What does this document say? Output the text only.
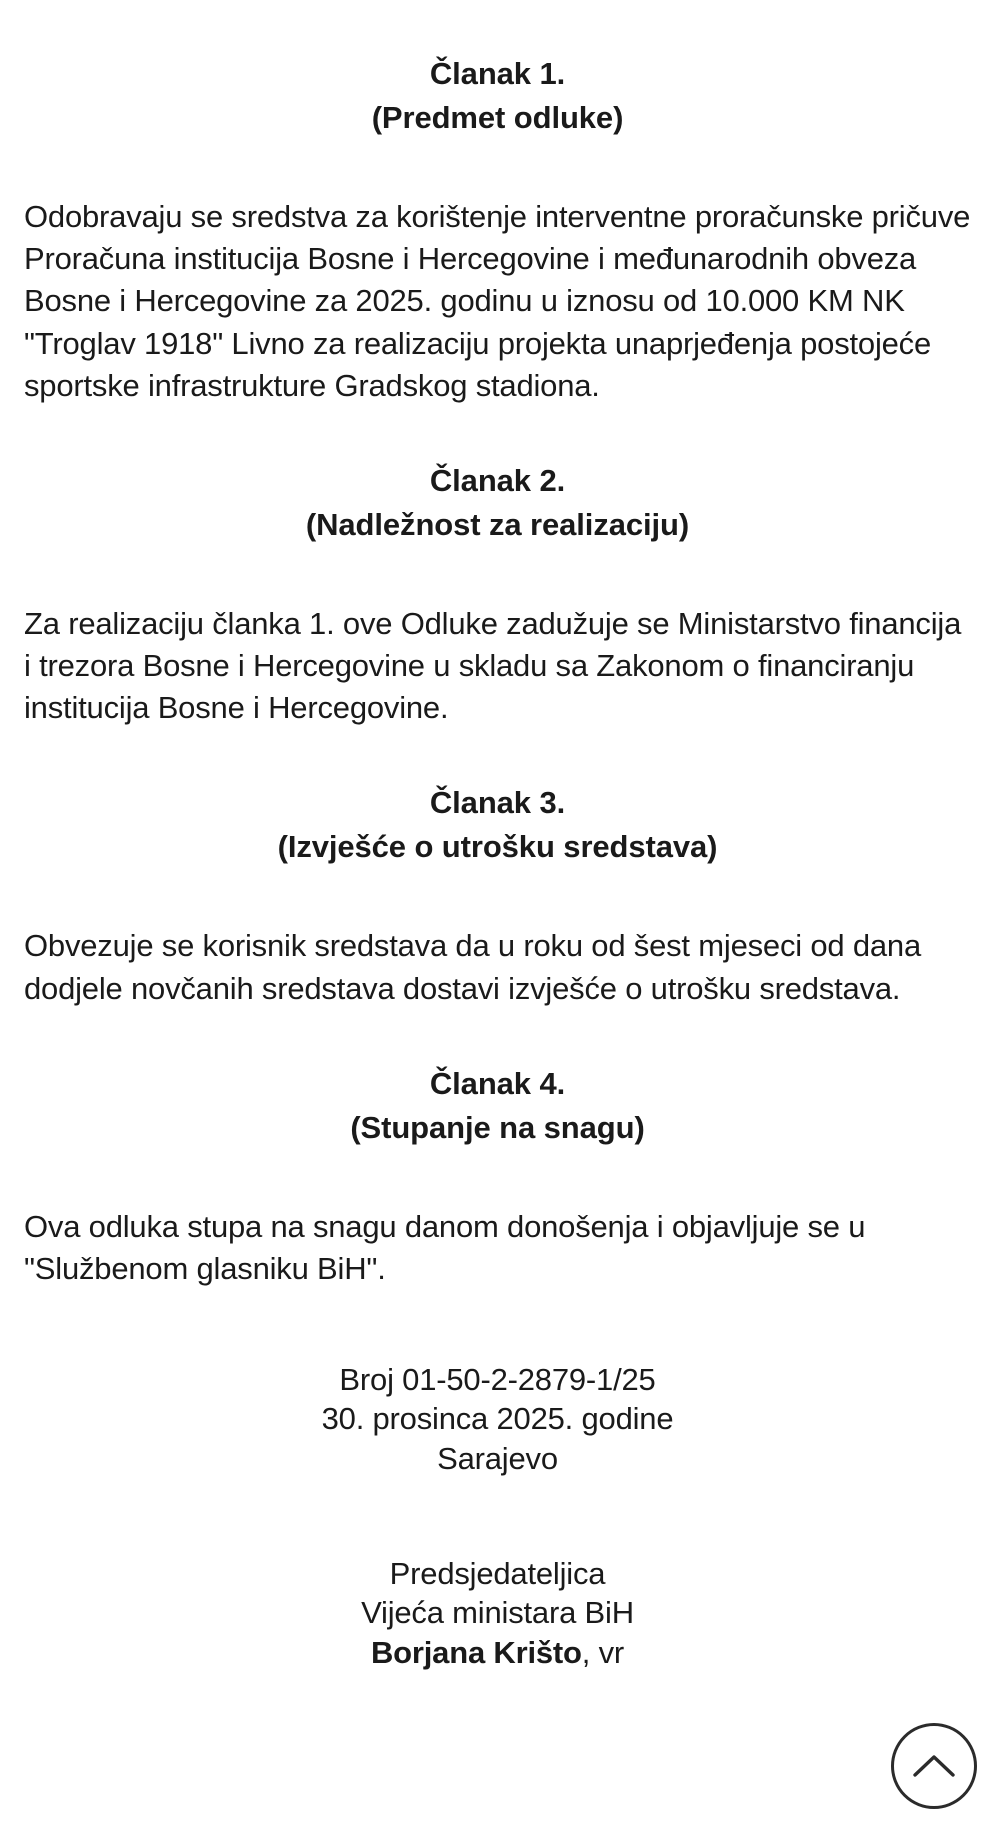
Članak 1.
(Predmet odluke)

Odobravaju se sredstva za korištenje interventne proračunske pričuve Proračuna institucija Bosne i Hercegovine i međunarodnih obveza Bosne i Hercegovine za 2025. godinu u iznosu od 10.000 KM NK "Troglav 1918" Livno za realizaciju projekta unaprjeđenja postojeće sportske infrastrukture Gradskog stadiona.

Članak 2.
(Nadležnost za realizaciju)

Za realizaciju članka 1. ove Odluke zadužuje se Ministarstvo financija i trezora Bosne i Hercegovine u skladu sa Zakonom o financiranju institucija Bosne i Hercegovine.

Članak 3.
(Izvješće o utrošku sredstava)

Obvezuje se korisnik sredstava da u roku od šest mjeseci od dana dodjele novčanih sredstava dostavi izvješće o utrošku sredstava.

Članak 4.
(Stupanje na snagu)

Ova odluka stupa na snagu danom donošenja i objavljuje se u "Službenom glasniku BiH".

Broj 01-50-2-2879-1/25
30. prosinca 2025. godine
Sarajevo
Predsjedateljica
Vijeća ministara BiH
Borjana Krišto, vr
